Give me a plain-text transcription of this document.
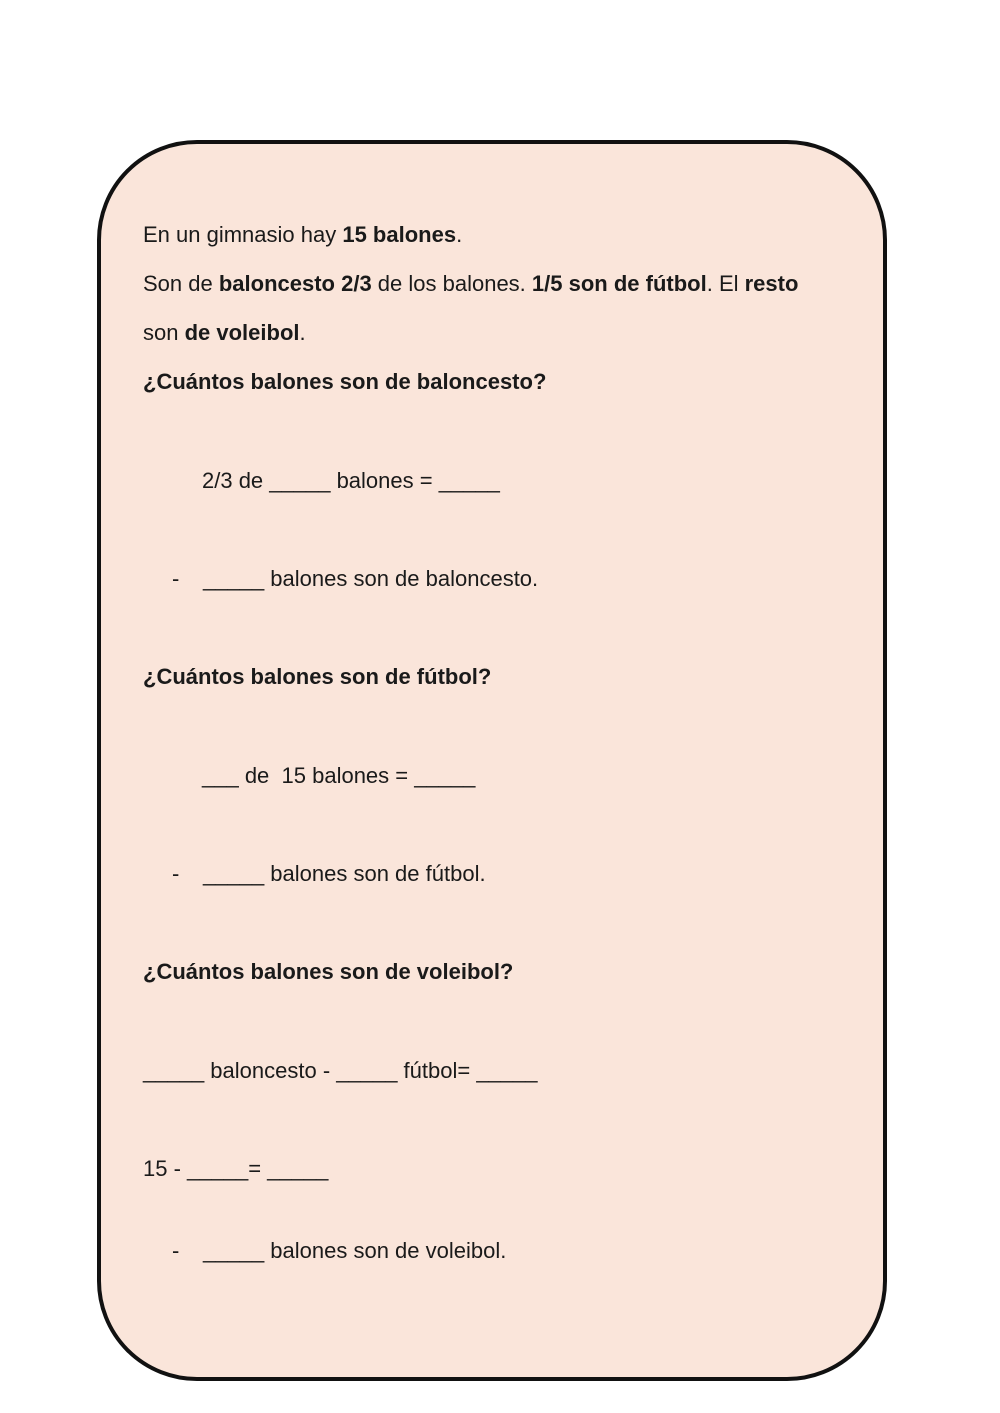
En un gimnasio hay 15 balones.
Son de baloncesto 2/3 de los balones. 1/5 son de fútbol. El resto
son de voleibol.
¿Cuántos balones son de baloncesto?
2/3 de _____ balones = _____
- _____ balones son de baloncesto.
¿Cuántos balones son de fútbol?
___ de  15 balones = _____
- _____ balones son de fútbol.
¿Cuántos balones son de voleibol?
_____ baloncesto - _____ fútbol= _____
15 - _____= _____
- _____ balones son de voleibol.
